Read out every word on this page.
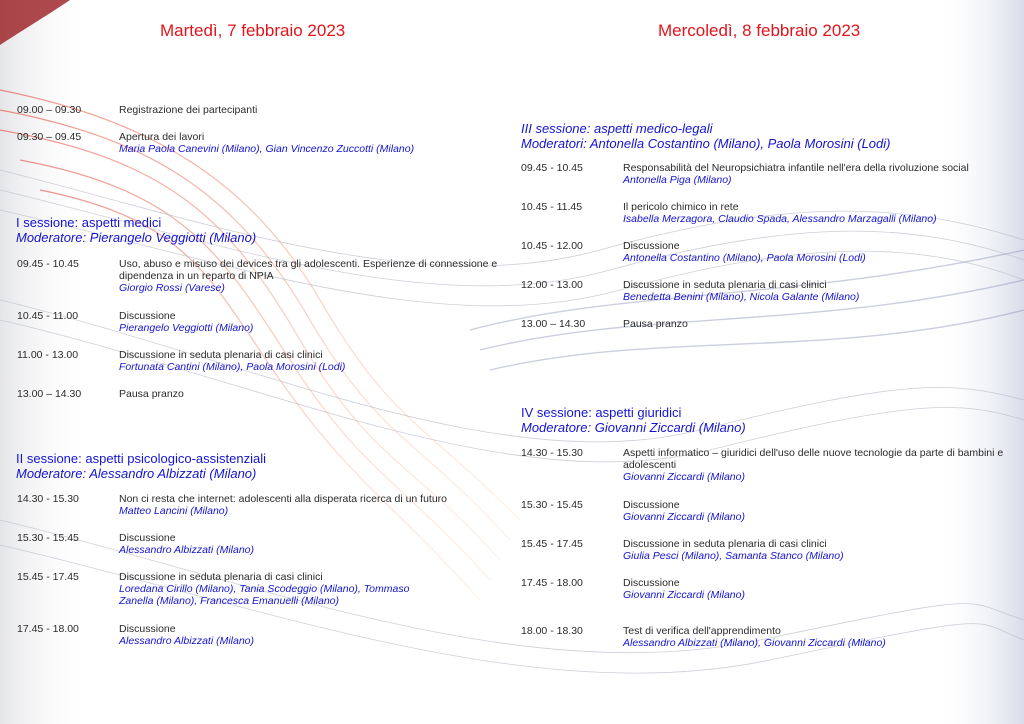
Martedì, 7 febbraio 2023
09.00 – 09.30	Registrazione dei partecipanti
09.30 – 09.45	Apertura dei lavori
Maria Paola Canevini (Milano), Gian Vincenzo Zuccotti (Milano)
I sessione: aspetti medici
Moderatore: Pierangelo Veggiotti (Milano)
09.45 - 10.45	Uso, abuso e misuso dei devices tra gli adolescenti. Esperienze di connessione e dipendenza in un reparto di NPIA
Giorgio Rossi (Varese)
10.45 - 11.00	Discussione
Pierangelo Veggiotti (Milano)
11.00 - 13.00	Discussione in seduta plenaria di casi clinici
Fortunata Cantini (Milano), Paola Morosini (Lodi)
13.00 – 14.30	Pausa pranzo
II sessione: aspetti psicologico-assistenziali
Moderatore: Alessandro Albizzati (Milano)
14.30 - 15.30	Non ci resta che internet: adolescenti alla disperata ricerca di un futuro
Matteo Lancini (Milano)
15.30 - 15.45	Discussione
Alessandro Albizzati (Milano)
15.45 - 17.45	Discussione in seduta plenaria di casi clinici
Loredana Cirillo (Milano), Tania Scodeggio (Milano), Tommaso Zanella (Milano), Francesca Emanuelli (Milano)
17.45 - 18.00	Discussione
Alessandro Albizzati (Milano)
Mercoledì, 8 febbraio 2023
III sessione: aspetti medico-legali
Moderatori: Antonella Costantino (Milano), Paola Morosini (Lodi)
09.45 - 10.45	Responsabilità del Neuropsichiatra infantile nell'era della rivoluzione social
Antonella Piga (Milano)
10.45 - 11.45	Il pericolo chimico in rete
Isabella Merzagora, Claudio Spada, Alessandro Marzagalli (Milano)
10.45 - 12.00	Discussione
Antonella Costantino (Milano), Paola Morosini (Lodi)
12.00 - 13.00	Discussione in seduta plenaria di casi clinici
Benedetta Benini (Milano), Nicola Galante (Milano)
13.00 – 14.30	Pausa pranzo
IV sessione: aspetti giuridici
Moderatore: Giovanni Ziccardi (Milano)
14.30 - 15.30	Aspetti informatico – giuridici dell'uso delle nuove tecnologie da parte di bambini e adolescenti
Giovanni Ziccardi (Milano)
15.30 - 15.45	Discussione
Giovanni Ziccardi (Milano)
15.45 - 17.45	Discussione in seduta plenaria di casi clinici
Giulia Pesci (Milano), Samanta Stanco (Milano)
17.45 - 18.00	Discussione
Giovanni Ziccardi (Milano)
18.00 - 18.30	Test di verifica dell'apprendimento
Alessandro Albizzati (Milano), Giovanni Ziccardi (Milano)
